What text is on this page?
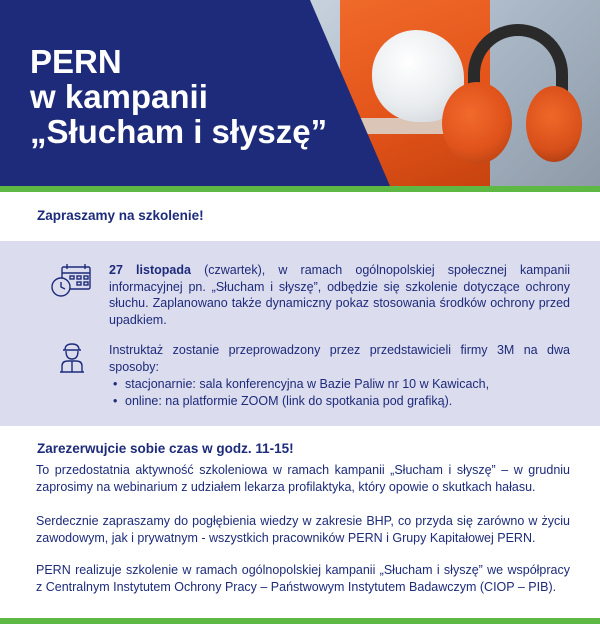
PERN
w kampanii
„Słucham i słyszę”
Zapraszamy na szkolenie!
27 listopada (czwartek), w ramach ogólnopolskiej społecznej kampanii informacyjnej pn. „Słucham i słyszę”, odbędzie się szkolenie dotyczące ochrony słuchu. Zaplanowano także dynamiczny pokaz stosowania środków ochrony przed upadkiem.
Instruktaż zostanie przeprowadzony przez przedstawicieli firmy 3M na dwa sposoby:
• stacjonarnie: sala konferencyjna w Bazie Paliw nr 10 w Kawicach,
• online: na platformie ZOOM (link do spotkania pod grafiką).
Zarezerwujcie sobie czas w godz. 11-15!

To przedostatnia aktywność szkoleniowa w ramach kampanii „Słucham i słyszę” – w grudniu zaprosimy na webinarium z udziałem lekarza profilaktyka, który opowie o skutkach hałasu.

Serdecznie zapraszamy do pogłębienia wiedzy w zakresie BHP, co przyda się zarówno w życiu zawodowym, jak i prywatnym - wszystkich pracowników PERN i Grupy Kapitałowej PERN.

PERN realizuje szkolenie w ramach ogólnopolskiej kampanii „Słucham i słyszę” we współpracy z Centralnym Instytutem Ochrony Pracy – Państwowym Instytutem Badawczym (CIOP – PIB).
